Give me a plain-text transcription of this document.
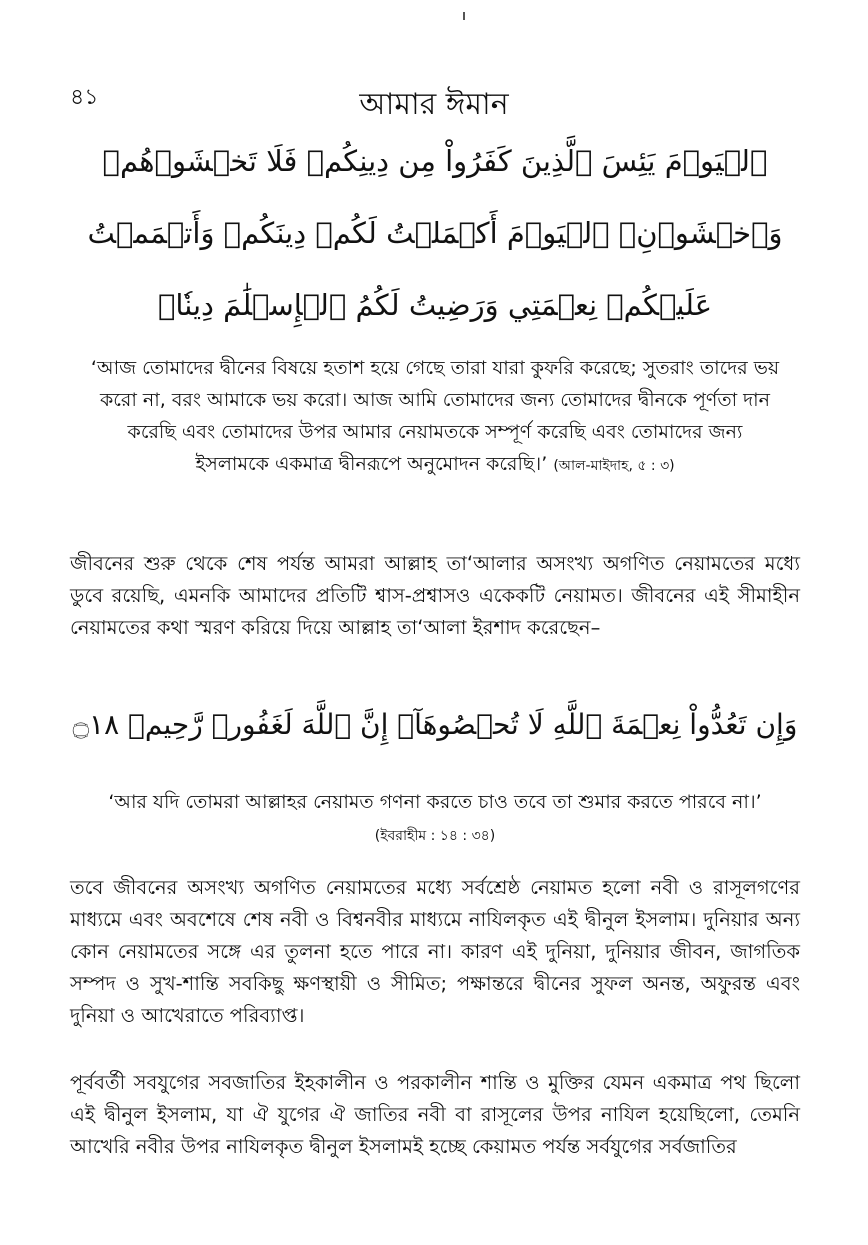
৪১	আমার ঈমান
ٱلۡيَوۡمَ يَئِسَ ٱلَّذِينَ كَفَرُواْ مِن دِينِكُمۡ فَلَا تَخۡشَوۡهُمۡ وَٱخۡشَوۡنِۚ ٱلۡيَوۡمَ أَكۡمَلۡتُ لَكُمۡ دِينَكُمۡ وَأَتۡمَمۡتُ عَلَيۡكُمۡ نِعۡمَتِي وَرَضِيتُ لَكُمُ ٱلۡإِسۡلَٰمَ دِينٗاۚ
‘আজ তোমাদের দ্বীনের বিষয়ে হতাশ হয়ে গেছে তারা যারা কুফরি করেছে; সুতরাং তাদের ভয় করো না, বরং আমাকে ভয় করো। আজ আমি তোমাদের জন্য তোমাদের দ্বীনকে পূর্ণতা দান করেছি এবং তোমাদের উপর আমার নেয়ামতকে সম্পূর্ণ করেছি এবং তোমাদের জন্য ইসলামকে একমাত্র দ্বীনরূপে অনুমোদন করেছি।’ (আল-মাইদাহ, ৫ : ৩)
জীবনের শুরু থেকে শেষ পর্যন্ত আমরা আল্লাহ তা‘আলার অসংখ্য অগণিত নেয়ামতের মধ্যে ডুবে রয়েছি, এমনকি আমাদের প্রতিটি শ্বাস-প্রশ্বাসও একেকটি নেয়ামত। জীবনের এই সীমাহীন নেয়ামতের কথা স্মরণ করিয়ে দিয়ে আল্লাহ তা‘আলা ইরশাদ করেছেন–
وَإِن تَعُدُّواْ نِعۡمَةَ ٱللَّهِ لَا تُحۡصُوهَآۗ إِنَّ ٱللَّهَ لَغَفُورٞ رَّحِيمٞ ۝١٨
‘আর যদি তোমরা আল্লাহর নেয়ামত গণনা করতে চাও তবে তা শুমার করতে পারবে না।’ (ইবরাহীম : ১৪ : ৩৪)
তবে জীবনের অসংখ্য অগণিত নেয়ামতের মধ্যে সর্বশ্রেষ্ঠ নেয়ামত হলো নবী ও রাসূলগণের মাধ্যমে এবং অবশেষে শেষ নবী ও বিশ্বনবীর মাধ্যমে নাযিলকৃত এই দ্বীনুল ইসলাম। দুনিয়ার অন্য কোন নেয়ামতের সঙ্গে এর তুলনা হতে পারে না। কারণ এই দুনিয়া, দুনিয়ার জীবন, জাগতিক সম্পদ ও সুখ-শান্তি সবকিছু ক্ষণস্থায়ী ও সীমিত; পক্ষান্তরে দ্বীনের সুফল অনন্ত, অফুরন্ত এবং দুনিয়া ও আখেরাতে পরিব্যাপ্ত।
পূর্ববর্তী সবযুগের সবজাতির ইহকালীন ও পরকালীন শান্তি ও মুক্তির যেমন একমাত্র পথ ছিলো এই দ্বীনুল ইসলাম, যা ঐ যুগের ঐ জাতির নবী বা রাসূলের উপর নাযিল হয়েছিলো, তেমনি আখেরি নবীর উপর নাযিলকৃত দ্বীনুল ইসলামই হচ্ছে কেয়ামত পর্যন্ত সর্বযুগের সর্বজাতির
